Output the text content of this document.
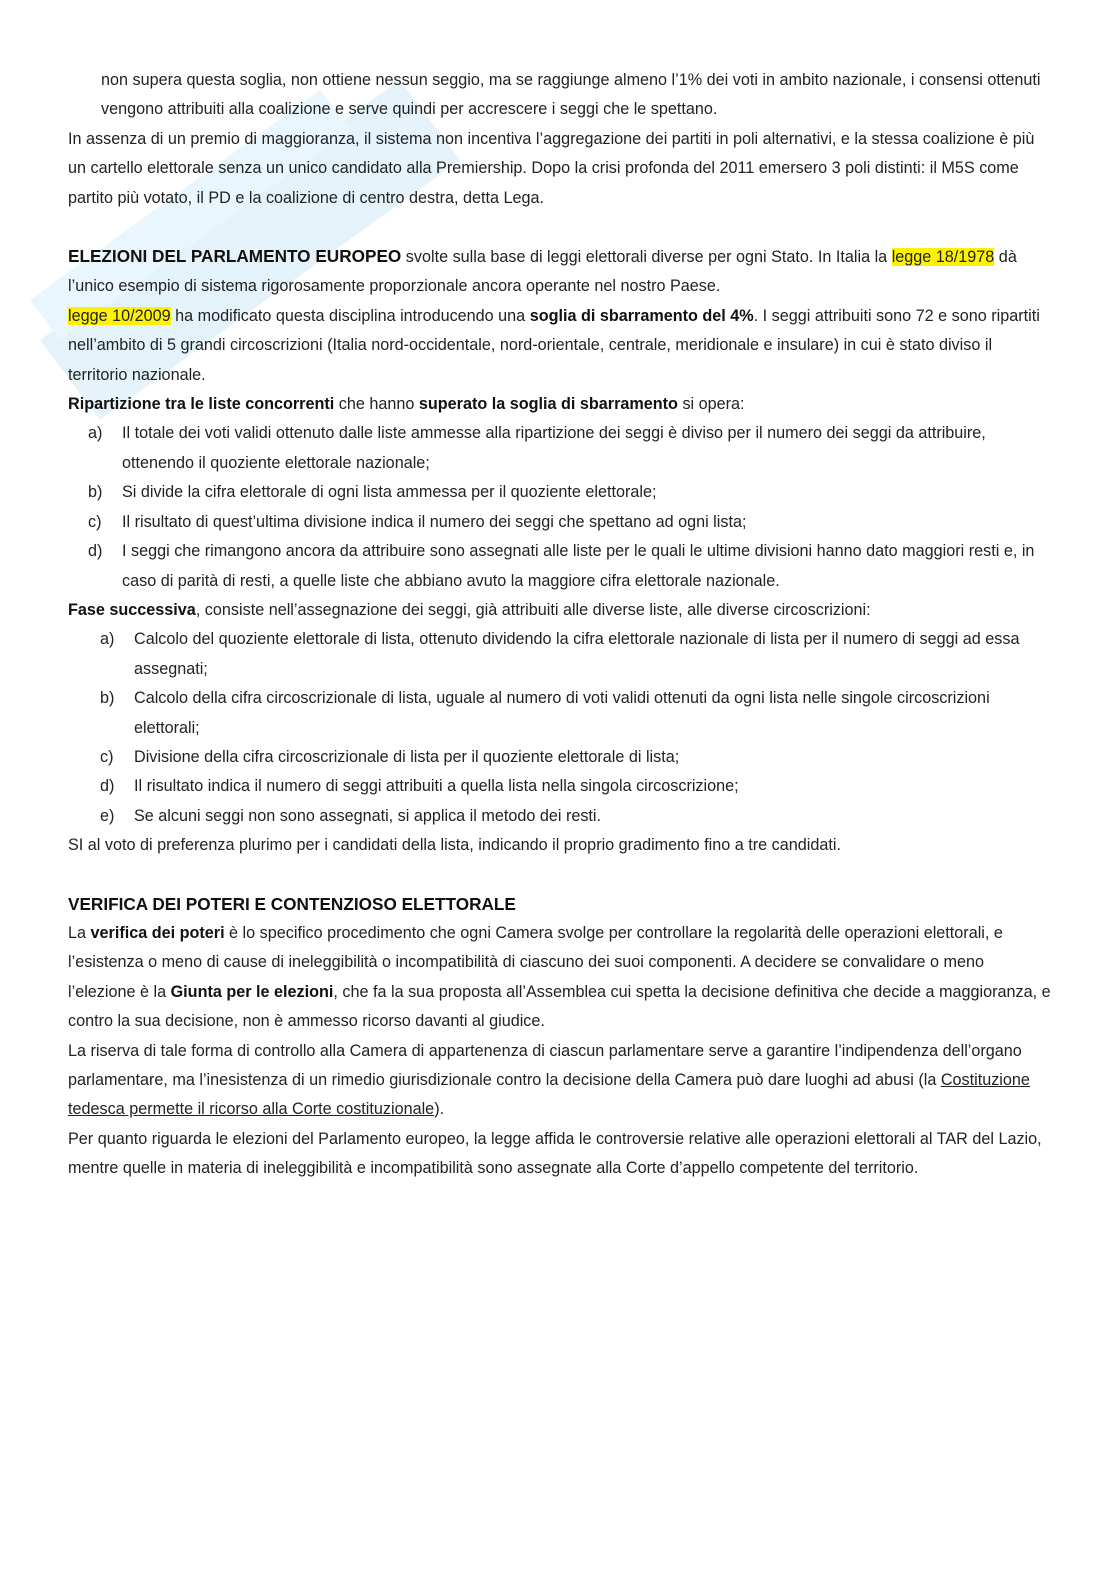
non supera questa soglia, non ottiene nessun seggio, ma se raggiunge almeno l’1% dei voti in ambito nazionale, i consensi ottenuti vengono attribuiti alla coalizione e serve quindi per accrescere i seggi che le spettano.

In assenza di un premio di maggioranza, il sistema non incentiva l’aggregazione dei partiti in poli alternativi, e la stessa coalizione è più un cartello elettorale senza un unico candidato alla Premiership. Dopo la crisi profonda del 2011 emersero 3 poli distinti: il M5S come partito più votato, il PD e la coalizione di centro destra, detta Lega.

ELEZIONI DEL PARLAMENTO EUROPEO svolte sulla base di leggi elettorali diverse per ogni Stato. In Italia la legge 18/1978 dà l’unico esempio di sistema rigorosamente proporzionale ancora operante nel nostro Paese.

legge 10/2009 ha modificato questa disciplina introducendo una soglia di sbarramento del 4%. I seggi attribuiti sono 72 e sono ripartiti nell’ambito di 5 grandi circoscrizioni (Italia nord-occidentale, nord-orientale, centrale, meridionale e insulare) in cui è stato diviso il territorio nazionale.

Ripartizione tra le liste concorrenti che hanno superato la soglia di sbarramento si opera:

a) Il totale dei voti validi ottenuto dalle liste ammesse alla ripartizione dei seggi è diviso per il numero dei seggi da attribuire, ottenendo il quoziente elettorale nazionale;
b) Si divide la cifra elettorale di ogni lista ammessa per il quoziente elettorale;
c) Il risultato di quest’ultima divisione indica il numero dei seggi che spettano ad ogni lista;
d) I seggi che rimangono ancora da attribuire sono assegnati alle liste per le quali le ultime divisioni hanno dato maggiori resti e, in caso di parità di resti, a quelle liste che abbiano avuto la maggiore cifra elettorale nazionale.

Fase successiva, consiste nell’assegnazione dei seggi, già attribuiti alle diverse liste, alle diverse circoscrizioni:

a) Calcolo del quoziente elettorale di lista, ottenuto dividendo la cifra elettorale nazionale di lista per il numero di seggi ad essa assegnati;
b) Calcolo della cifra circoscrizionale di lista, uguale al numero di voti validi ottenuti da ogni lista nelle singole circoscrizioni elettorali;
c) Divisione della cifra circoscrizionale di lista per il quoziente elettorale di lista;
d) Il risultato indica il numero di seggi attribuiti a quella lista nella singola circoscrizione;
e) Se alcuni seggi non sono assegnati, si applica il metodo dei resti.

SI al voto di preferenza plurimo per i candidati della lista, indicando il proprio gradimento fino a tre candidati.

VERIFICA DEI POTERI E CONTENZIOSO ELETTORALE

La verifica dei poteri è lo specifico procedimento che ogni Camera svolge per controllare la regolarità delle operazioni elettorali, e l’esistenza o meno di cause di ineleggibilità o incompatibilità di ciascuno dei suoi componenti. A decidere se convalidare o meno l’elezione è la Giunta per le elezioni, che fa la sua proposta all’Assemblea cui spetta la decisione definitiva che decide a maggioranza, e contro la sua decisione, non è ammesso ricorso davanti al giudice.

La riserva di tale forma di controllo alla Camera di appartenenza di ciascun parlamentare serve a garantire l’indipendenza dell’organo parlamentare, ma l’inesistenza di un rimedio giurisdizionale contro la decisione della Camera può dare luoghi ad abusi (la Costituzione tedesca permette il ricorso alla Corte costituzionale).

Per quanto riguarda le elezioni del Parlamento europeo, la legge affida le controversie relative alle operazioni elettorali al TAR del Lazio, mentre quelle in materia di ineleggibilità e incompatibilità sono assegnate alla Corte d’appello competente del territorio.
